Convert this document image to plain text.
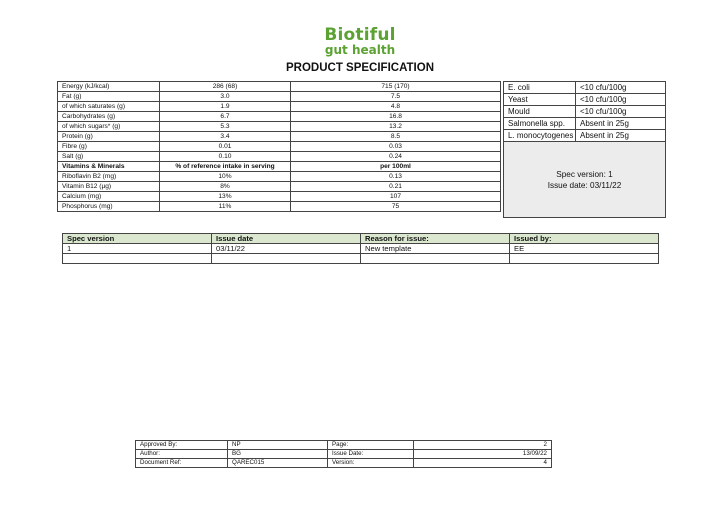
Biotiful
gut health
PRODUCT SPECIFICATION
Energy (kJ/kcal)	286 (68)	715 (170)
Fat (g)	3.0	7.5
of which saturates (g)	1.9	4.8
Carbohydrates (g)	6.7	16.8
of which sugars* (g)	5.3	13.2
Protein (g)	3.4	8.5
Fibre (g)	0.01	0.03
Salt (g)	0.10	0.24
Vitamins & Minerals	% of reference intake in serving	per 100ml
Riboflavin B2 (mg)	10%	0.13
Vitamin B12 (µg)	8%	0.21
Calcium (mg)	13%	107
Phosphorus (mg)	11%	75
E. coli	<10 cfu/100g
Yeast	<10 cfu/100g
Mould	<10 cfu/100g
Salmonella spp.	Absent in 25g
L. monocytogenes	Absent in 25g

Spec version: 1
Issue date: 03/11/22	
Spec version	Issue date	Reason for issue:	Issued by:
1	03/11/22	New template	EE

Approved By:	NP	Page:	2
Author:	BG	Issue Date:	13/09/22
Document Ref:	QAREC015	Version:	4
